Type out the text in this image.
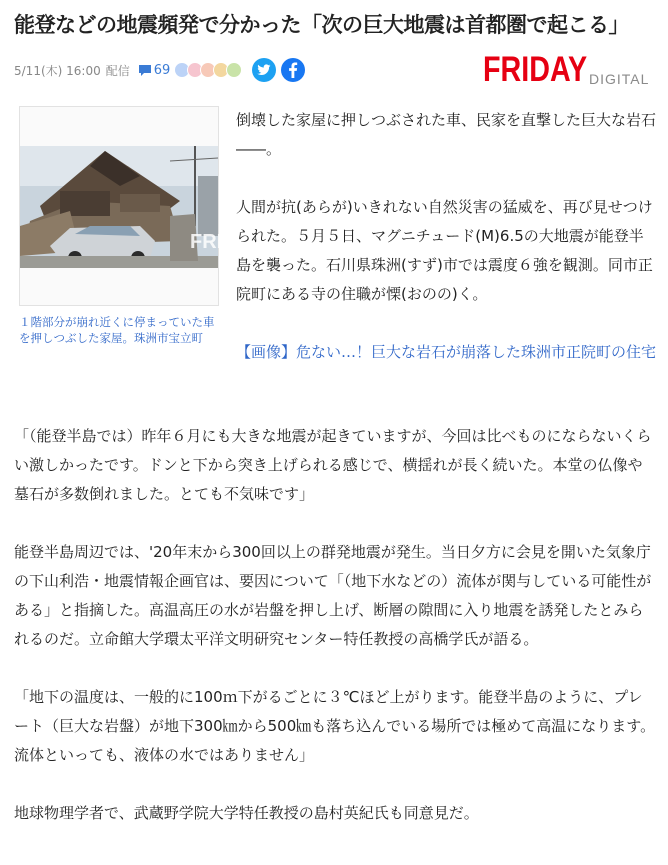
能登などの地震頻発で分かった「次の巨大地震は首都圏で起こる」
5/11(木) 16:00 配信 69	FRIDAY DIGITAL
FRI
１階部分が崩れ近くに停まっていた車を押しつぶした家屋。珠洲市宝立町

倒壊した家屋に押しつぶされた車、民家を直撃した巨大な岩石――。

人間が抗(あらが)いきれない自然災害の猛威を、再び見せつけられた。５月５日、マグニチュード(M)6.5の大地震が能登半島を襲った。石川県珠洲(すず)市では震度６強を観測。同市正院町にある寺の住職が慄(おのの)く。

【画像】危ない…！巨大な岩石が崩落した珠洲市正院町の住宅

「（能登半島では）昨年６月にも大きな地震が起きていますが、今回は比べものにならないくらい激しかったです。ドンと下から突き上げられる感じで、横揺れが長く続いた。本堂の仏像や墓石が多数倒れました。とても不気味です」

能登半島周辺では、'20年末から300回以上の群発地震が発生。当日夕方に会見を開いた気象庁の下山利浩・地震情報企画官は、要因について「（地下水などの）流体が関与している可能性がある」と指摘した。高温高圧の水が岩盤を押し上げ、断層の隙間に入り地震を誘発したとみられるのだ。立命館大学環太平洋文明研究センター特任教授の高橋学氏が語る。

「地下の温度は、一般的に100ｍ下がるごとに３℃ほど上がります。能登半島のように、プレート（巨大な岩盤）が地下300㎞から500㎞も落ち込んでいる場所では極めて高温になります。流体といっても、液体の水ではありません」

地球物理学者で、武蔵野学院大学特任教授の島村英紀氏も同意見だ。
